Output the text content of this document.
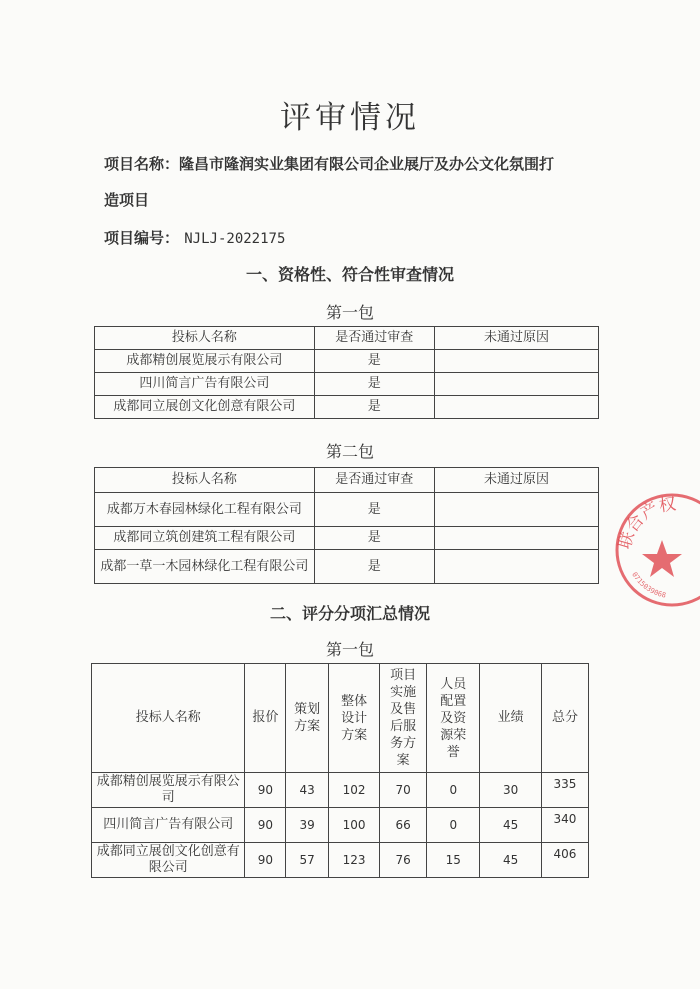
评审情况
项目名称：隆昌市隆润实业集团有限公司企业展厅及办公文化氛围打
造项目
项目编号： NJLJ-2022175
一、资格性、符合性审查情况
第一包
投标人名称	是否通过审查	未通过原因
成都精创展览展示有限公司	是	
四川简言广告有限公司	是	
成都同立展创文化创意有限公司	是	
第二包
投标人名称	是否通过审查	未通过原因
成都万木春园林绿化工程有限公司	是	
成都同立筑创建筑工程有限公司	是	
成都一草一木园林绿化工程有限公司	是	
二、评分分项汇总情况
第一包
投标人名称	报价	策划方案	整体设计方案	项目实施及售后服务方案	人员配置及资源荣誉	业绩	总分
成都精创展览展示有限公司	90	43	102	70	0	30	335
四川简言广告有限公司	90	39	100	66	0	45	340
成都同立展创文化创意有限公司	90	57	123	76	15	45	406
联合产权
0715039068
